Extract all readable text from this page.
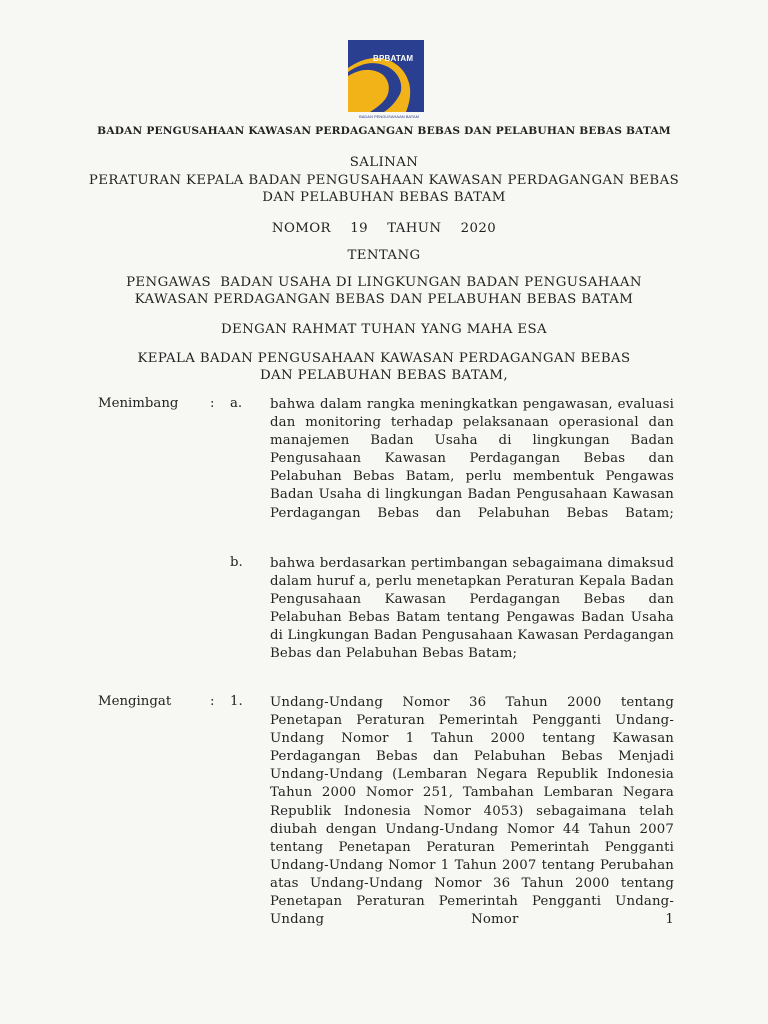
BPBATAM
BADAN PENGUSAHAAN BATAM
BADAN PENGUSAHAAN KAWASAN PERDAGANGAN BEBAS DAN PELABUHAN BEBAS BATAM
SALINAN
PERATURAN KEPALA BADAN PENGUSAHAAN KAWASAN PERDAGANGAN BEBAS
DAN PELABUHAN BEBAS BATAM
NOMOR  19  TAHUN  2020
TENTANG
PENGAWAS  BADAN USAHA DI LINGKUNGAN BADAN PENGUSAHAAN
KAWASAN PERDAGANGAN BEBAS DAN PELABUHAN BEBAS BATAM
DENGAN RAHMAT TUHAN YANG MAHA ESA
KEPALA BADAN PENGUSAHAAN KAWASAN PERDAGANGAN BEBAS
DAN PELABUHAN BEBAS BATAM,
Menimbang : a. bahwa dalam rangka meningkatkan pengawasan, evaluasi dan monitoring terhadap pelaksanaan operasional dan manajemen Badan Usaha di lingkungan Badan Pengusahaan Kawasan Perdagangan Bebas dan Pelabuhan Bebas Batam, perlu membentuk Pengawas Badan Usaha di lingkungan Badan Pengusahaan Kawasan Perdagangan Bebas dan Pelabuhan Bebas Batam;
b. bahwa berdasarkan pertimbangan sebagaimana dimaksud dalam huruf a, perlu menetapkan Peraturan Kepala Badan Pengusahaan Kawasan Perdagangan Bebas dan Pelabuhan Bebas Batam tentang Pengawas Badan Usaha di Lingkungan Badan Pengusahaan Kawasan Perdagangan Bebas dan Pelabuhan Bebas Batam;
Mengingat	: 1. Undang-Undang Nomor 36 Tahun 2000 tentang Penetapan Peraturan Pemerintah Pengganti Undang-Undang Nomor 1 Tahun 2000 tentang Kawasan Perdagangan Bebas dan Pelabuhan Bebas Menjadi Undang-Undang (Lembaran Negara Republik Indonesia Tahun 2000 Nomor 251, Tambahan Lembaran Negara Republik Indonesia Nomor 4053) sebagaimana telah diubah dengan Undang-Undang Nomor 44 Tahun 2007 tentang Penetapan Peraturan Pemerintah Pengganti Undang-Undang Nomor 1 Tahun 2007 tentang Perubahan atas Undang-Undang Nomor 36 Tahun 2000 tentang Penetapan Peraturan Pemerintah Pengganti Undang-Undang Nomor 1
